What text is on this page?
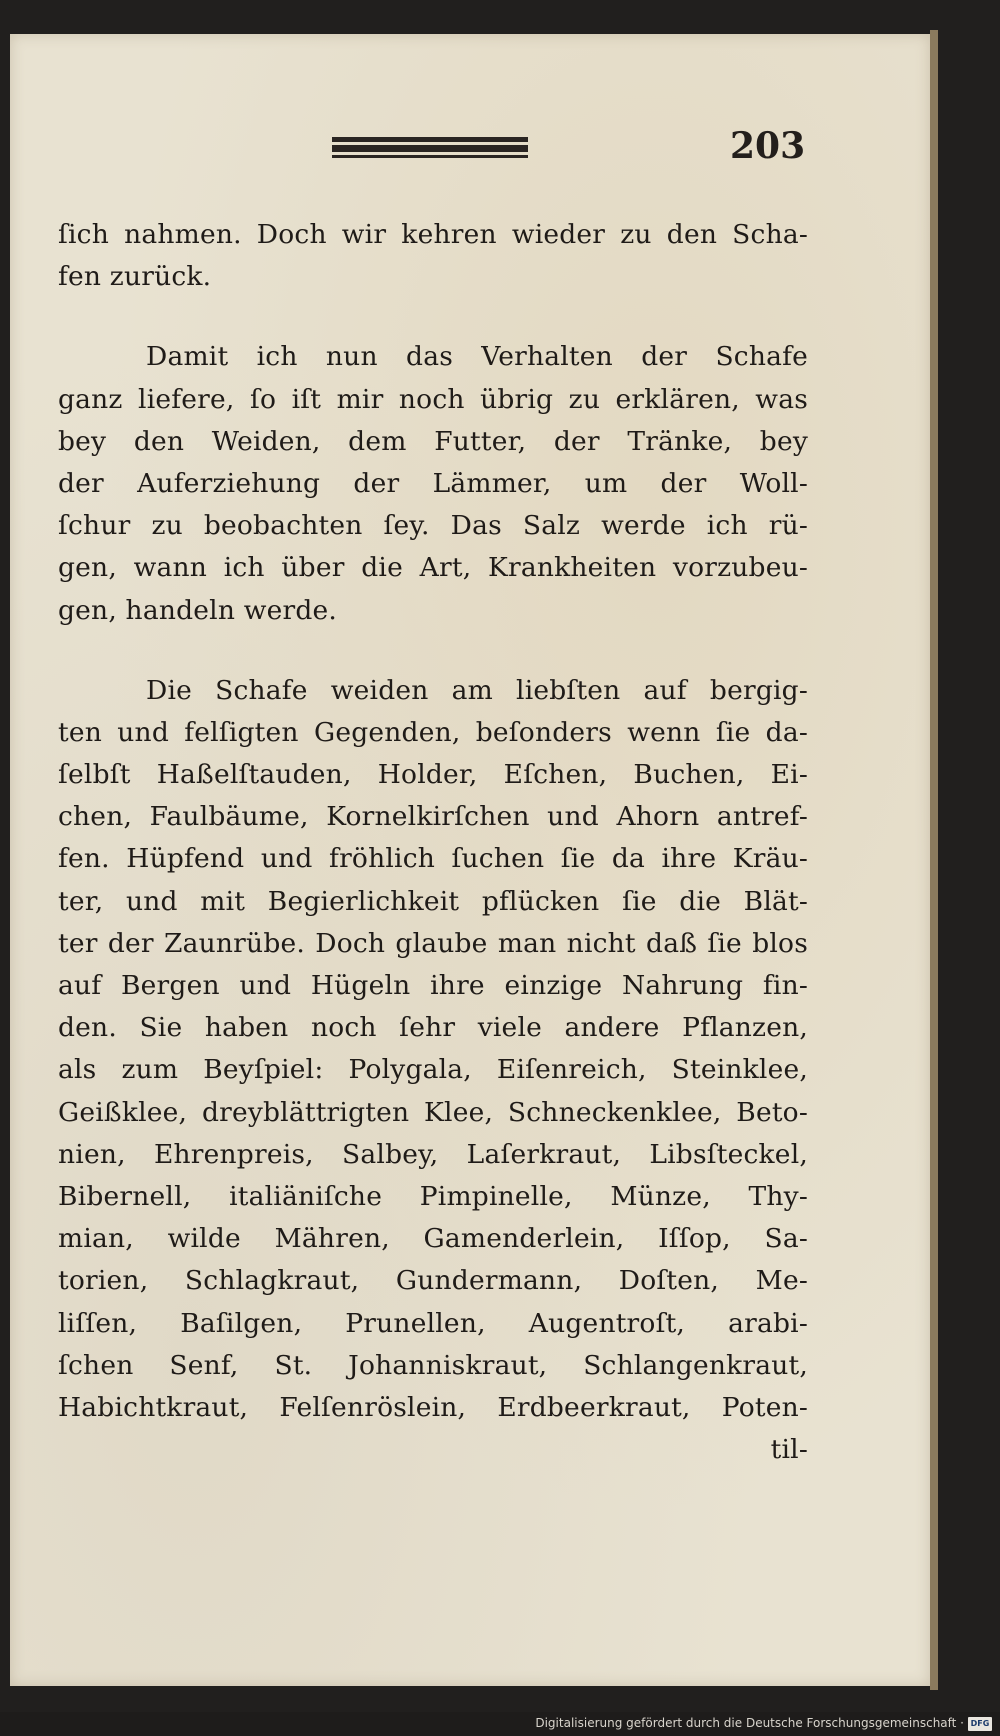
203
ſich nahmen. Doch wir kehren wieder zu den Scha-
fen zurück.
Damit ich nun das Verhalten der Schafe
ganz liefere, ſo iſt mir noch übrig zu erklären, was
bey den Weiden, dem Futter, der Tränke, bey
der Auferziehung der Lämmer, um der Woll-
ſchur zu beobachten ſey. Das Salz werde ich rü-
gen, wann ich über die Art, Krankheiten vorzubeu-
gen, handeln werde.
Die Schafe weiden am liebſten auf bergig-
ten und felſigten Gegenden, beſonders wenn ſie da-
ſelbſt Haßelſtauden, Holder, Eſchen, Buchen, Ei-
chen, Faulbäume, Kornelkirſchen und Ahorn antref-
fen. Hüpfend und fröhlich ſuchen ſie da ihre Kräu-
ter, und mit Begierlichkeit pflücken ſie die Blät-
ter der Zaunrübe. Doch glaube man nicht daß ſie blos
auf Bergen und Hügeln ihre einzige Nahrung fin-
den. Sie haben noch ſehr viele andere Pflanzen,
als zum Beyſpiel: Polygala, Eiſenreich, Steinklee,
Geißklee, dreyblättrigten Klee, Schneckenklee, Beto-
nien, Ehrenpreis, Salbey, Laſerkraut, Libsſteckel,
Bibernell, italiäniſche Pimpinelle, Münze, Thy-
mian, wilde Mähren, Gamenderlein, Iſſop, Sa-
torien, Schlagkraut, Gundermann, Doſten, Me-
liſſen, Baſilgen, Prunellen, Augentroſt, arabi-
ſchen Senf, St. Johanniskraut, Schlangenkraut,
Habichtkraut, Felſenröslein, Erdbeerkraut, Poten-
til-
Digitalisierung gefördert durch die Deutsche Forschungsgemeinschaft · DFG
